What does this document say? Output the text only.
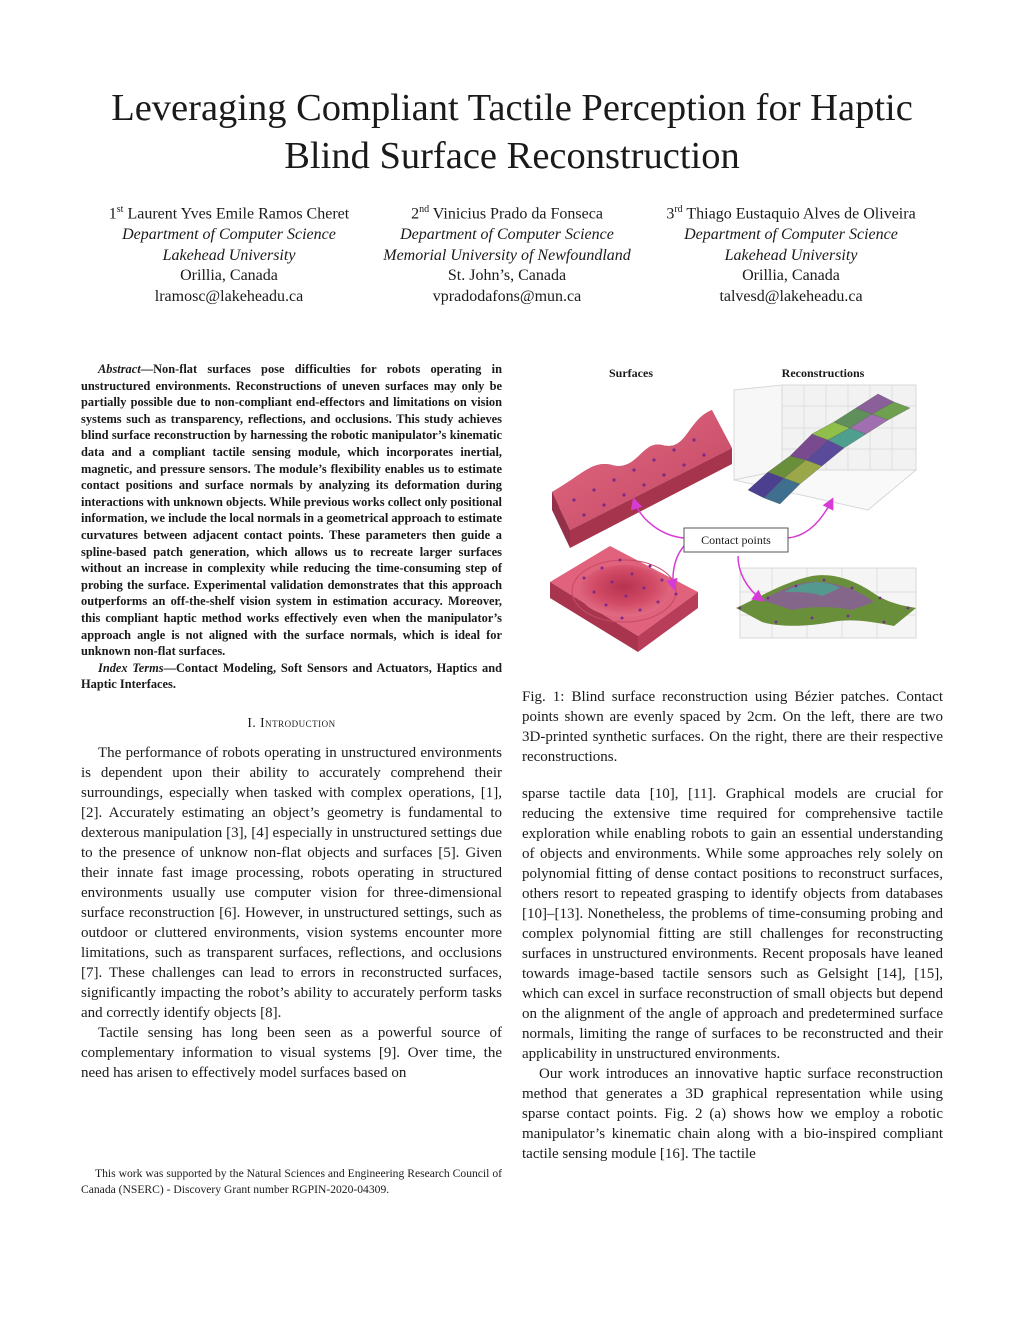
Leveraging Compliant Tactile Perception for Haptic
Blind Surface Reconstruction
1st Laurent Yves Emile Ramos Cheret
Department of Computer Science
Lakehead University
Orillia, Canada
lramosc@lakeheadu.ca
2nd Vinicius Prado da Fonseca
Department of Computer Science
Memorial University of Newfoundland
St. John’s, Canada
vpradodafons@mun.ca
3rd Thiago Eustaquio Alves de Oliveira
Department of Computer Science
Lakehead University
Orillia, Canada
talvesd@lakeheadu.ca

Abstract—Non-flat surfaces pose difficulties for robots operating in unstructured environments. Reconstructions of uneven surfaces may only be partially possible due to non-compliant end-effectors and limitations on vision systems such as transparency, reflections, and occlusions. This study achieves blind surface reconstruction by harnessing the robotic manipulator’s kinematic data and a compliant tactile sensing module, which incorporates inertial, magnetic, and pressure sensors. The module’s flexibility enables us to estimate contact positions and surface normals by analyzing its deformation during interactions with unknown objects. While previous works collect only positional information, we include the local normals in a geometrical approach to estimate curvatures between adjacent contact points. These parameters then guide a spline-based patch generation, which allows us to recreate larger surfaces without an increase in complexity while reducing the time-consuming step of probing the surface. Experimental validation demonstrates that this approach outperforms an off-the-shelf vision system in estimation accuracy. Moreover, this compliant haptic method works effectively even when the manipulator’s approach angle is not aligned with the surface normals, which is ideal for unknown non-flat surfaces.

Index Terms—Contact Modeling, Soft Sensors and Actuators, Haptics and Haptic Interfaces.

I. Introduction

The performance of robots operating in unstructured environments is dependent upon their ability to accurately comprehend their surroundings, especially when tasked with complex operations, [1], [2]. Accurately estimating an object’s geometry is fundamental to dexterous manipulation [3], [4] especially in unstructured settings due to the presence of unknow non-flat objects and surfaces [5]. Given their innate fast image processing, robots operating in structured environments usually use computer vision for three-dimensional surface reconstruction [6]. However, in unstructured settings, such as outdoor or cluttered environments, vision systems encounter more limitations, such as transparent surfaces, reflections, and occlusions [7]. These challenges can lead to errors in reconstructed surfaces, significantly impacting the robot’s ability to accurately perform tasks and correctly identify objects [8].

Tactile sensing has long been seen as a powerful source of complementary information to visual systems [9]. Over time, the need has arisen to effectively model surfaces based on

This work was supported by the Natural Sciences and Engineering Research Council of Canada (NSERC) - Discovery Grant number RGPIN-2020-04309.
Surfaces	Reconstructions
Contact points
Fig. 1: Blind surface reconstruction using Bézier patches. Contact points shown are evenly spaced by 2cm. On the left, there are two 3D-printed synthetic surfaces. On the right, there are their respective reconstructions.

sparse tactile data [10], [11]. Graphical models are crucial for reducing the extensive time required for comprehensive tactile exploration while enabling robots to gain an essential understanding of objects and environments. While some approaches rely solely on polynomial fitting of dense contact positions to reconstruct surfaces, others resort to repeated grasping to identify objects from databases [10]–[13]. Nonetheless, the problems of time-consuming probing and complex polynomial fitting are still challenges for reconstructing surfaces in unstructured environments. Recent proposals have leaned towards image-based tactile sensors such as Gelsight [14], [15], which can excel in surface reconstruction of small objects but depend on the alignment of the angle of approach and predetermined surface normals, limiting the range of surfaces to be reconstructed and their applicability in unstructured environments.

Our work introduces an innovative haptic surface reconstruction method that generates a 3D graphical representation while using sparse contact points. Fig. 2 (a) shows how we employ a robotic manipulator’s kinematic chain along with a bio-inspired compliant tactile sensing module [16]. The tactile
